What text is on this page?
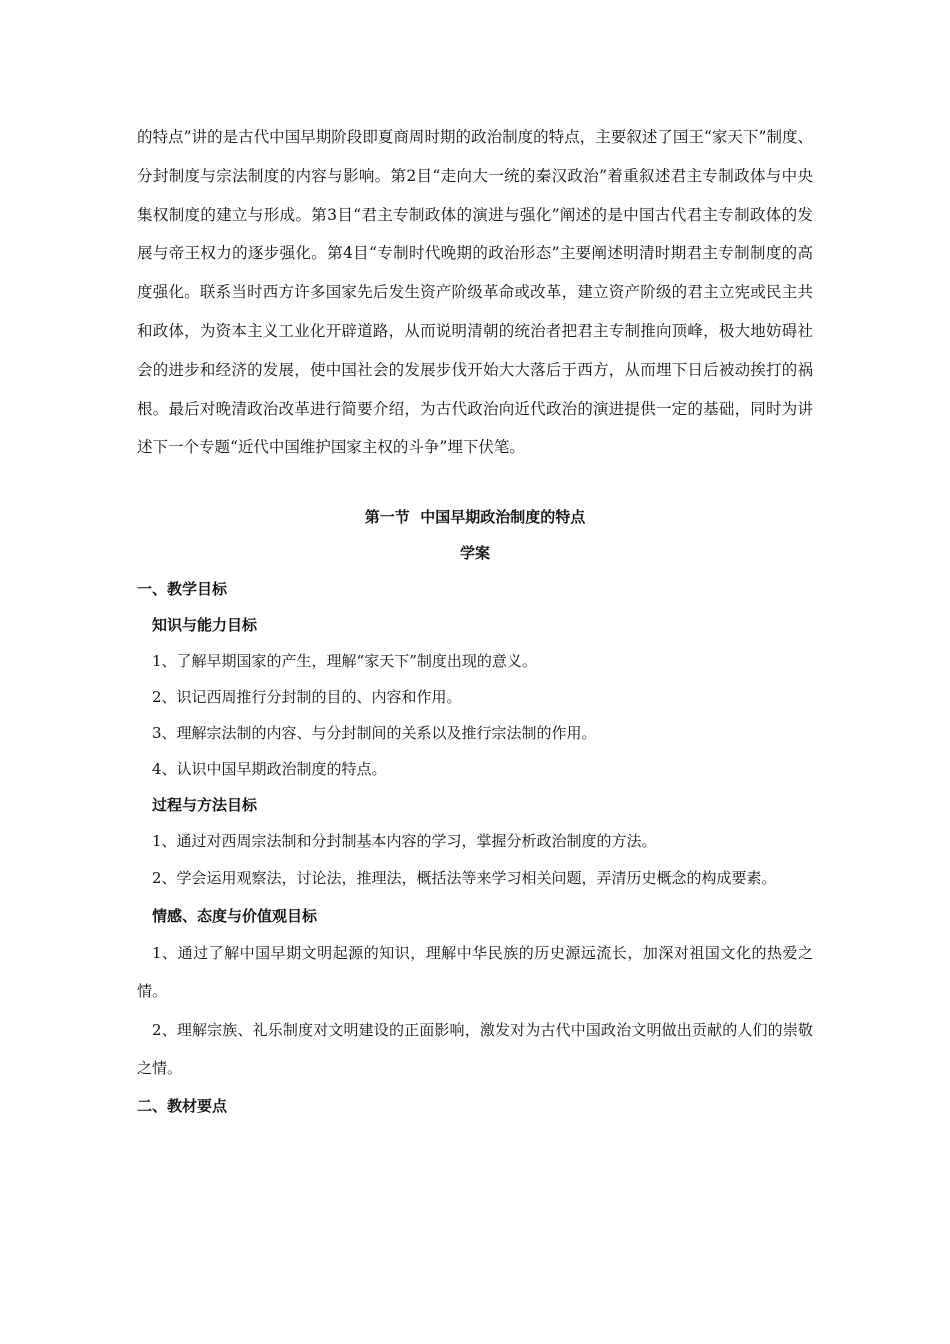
的特点”讲的是古代中国早期阶段即夏商周时期的政治制度的特点，主要叙述了国王“家天下”制度、分封制度与宗法制度的内容与影响。第2目“走向大一统的秦汉政治”着重叙述君主专制政体与中央集权制度的建立与形成。第3目“君主专制政体的演进与强化”阐述的是中国古代君主专制政体的发展与帝王权力的逐步强化。第4目“专制时代晚期的政治形态”主要阐述明清时期君主专制制度的高度强化。联系当时西方许多国家先后发生资产阶级革命或改革，建立资产阶级的君主立宪或民主共和政体，为资本主义工业化开辟道路，从而说明清朝的统治者把君主专制推向顶峰，极大地妨碍社会的进步和经济的发展，使中国社会的发展步伐开始大大落后于西方，从而埋下日后被动挨打的祸根。最后对晚清政治改革进行简要介绍，为古代政治向近代政治的演进提供一定的基础，同时为讲述下一个专题“近代中国维护国家主权的斗争”埋下伏笔。

第一节  中国早期政治制度的特点

学案

一、教学目标

知识与能力目标

1、了解早期国家的产生，理解“家天下”制度出现的意义。

2、识记西周推行分封制的目的、内容和作用。

3、理解宗法制的内容、与分封制间的关系以及推行宗法制的作用。

4、认识中国早期政治制度的特点。

过程与方法目标

1、通过对西周宗法制和分封制基本内容的学习，掌握分析政治制度的方法。

2、学会运用观察法，讨论法，推理法，概括法等来学习相关问题，弄清历史概念的构成要素。

情感、态度与价值观目标

1、通过了解中国早期文明起源的知识，理解中华民族的历史源远流长，加深对祖国文化的热爱之情。

2、理解宗族、礼乐制度对文明建设的正面影响，激发对为古代中国政治文明做出贡献的人们的崇敬之情。

二、教材要点
